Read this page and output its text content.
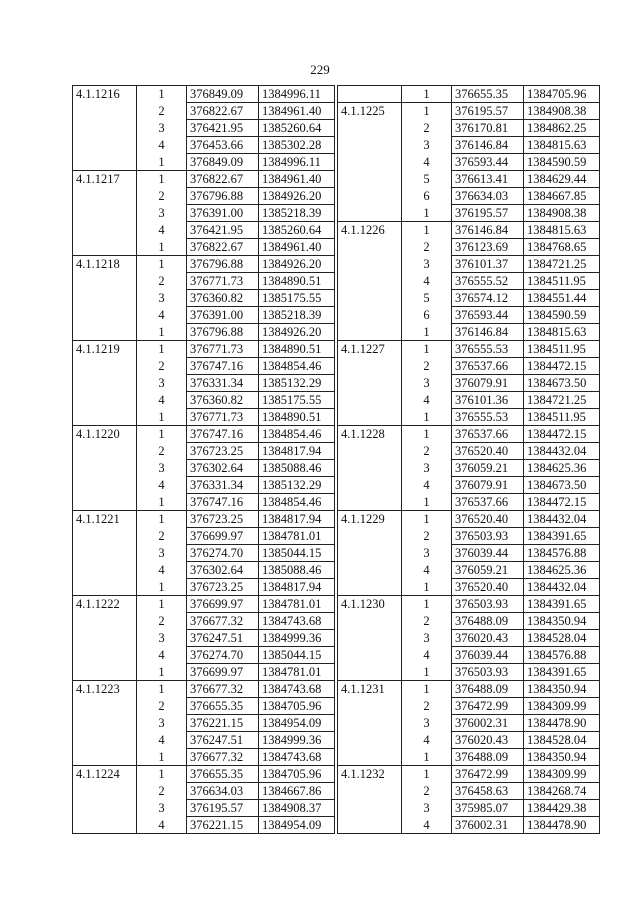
229
4.1.1216	1	376849.09	1384996.11
	2	376822.67	1384961.40
	3	376421.95	1385260.64
	4	376453.66	1385302.28
	1	376849.09	1384996.11
4.1.1217	1	376822.67	1384961.40
	2	376796.88	1384926.20
	3	376391.00	1385218.39
	4	376421.95	1385260.64
	1	376822.67	1384961.40
4.1.1218	1	376796.88	1384926.20
	2	376771.73	1384890.51
	3	376360.82	1385175.55
	4	376391.00	1385218.39
	1	376796.88	1384926.20
4.1.1219	1	376771.73	1384890.51
	2	376747.16	1384854.46
	3	376331.34	1385132.29
	4	376360.82	1385175.55
	1	376771.73	1384890.51
4.1.1220	1	376747.16	1384854.46
	2	376723.25	1384817.94
	3	376302.64	1385088.46
	4	376331.34	1385132.29
	1	376747.16	1384854.46
4.1.1221	1	376723.25	1384817.94
	2	376699.97	1384781.01
	3	376274.70	1385044.15
	4	376302.64	1385088.46
	1	376723.25	1384817.94
4.1.1222	1	376699.97	1384781.01
	2	376677.32	1384743.68
	3	376247.51	1384999.36
	4	376274.70	1385044.15
	1	376699.97	1384781.01
4.1.1223	1	376677.32	1384743.68
	2	376655.35	1384705.96
	3	376221.15	1384954.09
	4	376247.51	1384999.36
	1	376677.32	1384743.68
4.1.1224	1	376655.35	1384705.96
	2	376634.03	1384667.86
	3	376195.57	1384908.37
	4	376221.15	1384954.09
	1	376655.35	1384705.96
4.1.1225	1	376195.57	1384908.38
	2	376170.81	1384862.25
	3	376146.84	1384815.63
	4	376593.44	1384590.59
	5	376613.41	1384629.44
	6	376634.03	1384667.85
	1	376195.57	1384908.38
4.1.1226	1	376146.84	1384815.63
	2	376123.69	1384768.65
	3	376101.37	1384721.25
	4	376555.52	1384511.95
	5	376574.12	1384551.44
	6	376593.44	1384590.59
	1	376146.84	1384815.63
4.1.1227	1	376555.53	1384511.95
	2	376537.66	1384472.15
	3	376079.91	1384673.50
	4	376101.36	1384721.25
	1	376555.53	1384511.95
4.1.1228	1	376537.66	1384472.15
	2	376520.40	1384432.04
	3	376059.21	1384625.36
	4	376079.91	1384673.50
	1	376537.66	1384472.15
4.1.1229	1	376520.40	1384432.04
	2	376503.93	1384391.65
	3	376039.44	1384576.88
	4	376059.21	1384625.36
	1	376520.40	1384432.04
4.1.1230	1	376503.93	1384391.65
	2	376488.09	1384350.94
	3	376020.43	1384528.04
	4	376039.44	1384576.88
	1	376503.93	1384391.65
4.1.1231	1	376488.09	1384350.94
	2	376472.99	1384309.99
	3	376002.31	1384478.90
	4	376020.43	1384528.04
	1	376488.09	1384350.94
4.1.1232	1	376472.99	1384309.99
	2	376458.63	1384268.74
	3	375985.07	1384429.38
	4	376002.31	1384478.90
